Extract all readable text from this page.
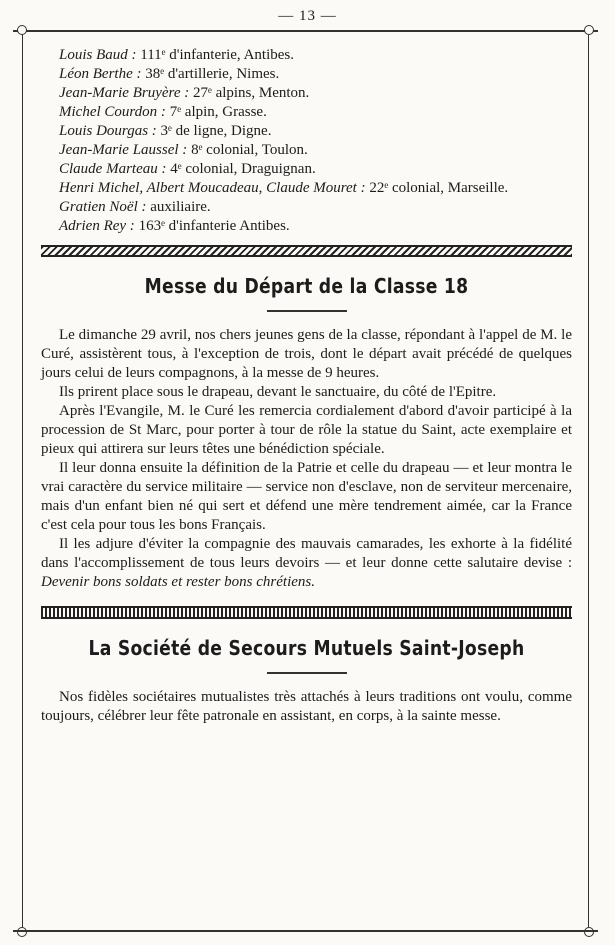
— 13 —

Louis Baud : 111ᵉ d'infanterie, Antibes.

Léon Berthe : 38ᵉ d'artillerie, Nimes.

Jean-Marie Bruyère : 27ᵉ alpins, Menton.

Michel Courdon : 7ᵉ alpin, Grasse.

Louis Dourgas : 3ᵉ de ligne, Digne.

Jean-Marie Laussel : 8ᵉ colonial, Toulon.

Claude Marteau : 4ᵉ colonial, Draguignan.

Henri Michel, Albert Moucadeau, Claude Mouret : 22ᵉ colonial, Marseille.

Gratien Noël : auxiliaire.

Adrien Rey : 163ᵉ d'infanterie Antibes.

Messe du Départ de la Classe 18

Le dimanche 29 avril, nos chers jeunes gens de la classe, répondant à l'appel de M. le Curé, assistèrent tous, à l'exception de trois, dont le départ avait précédé de quelques jours celui de leurs compagnons, à la messe de 9 heures.

Ils prirent place sous le drapeau, devant le sanctuaire, du côté de l'Epitre.

Après l'Evangile, M. le Curé les remercia cordialement d'abord d'avoir participé à la procession de St Marc, pour porter à tour de rôle la statue du Saint, acte exemplaire et pieux qui attirera sur leurs têtes une bénédiction spéciale.

Il leur donna ensuite la définition de la Patrie et celle du drapeau — et leur montra le vrai caractère du service militaire — service non d'esclave, non de serviteur mercenaire, mais d'un enfant bien né qui sert et défend une mère tendrement aimée, car la France c'est cela pour tous les bons Français.

Il les adjure d'éviter la compagnie des mauvais camarades, les exhorte à la fidélité dans l'accomplissement de tous leurs devoirs — et leur donne cette salutaire devise : Devenir bons soldats et rester bons chrétiens.

La Société de Secours Mutuels Saint-Joseph

Nos fidèles sociétaires mutualistes très attachés à leurs traditions ont voulu, comme toujours, célébrer leur fête patronale en assistant, en corps, à la sainte messe.
